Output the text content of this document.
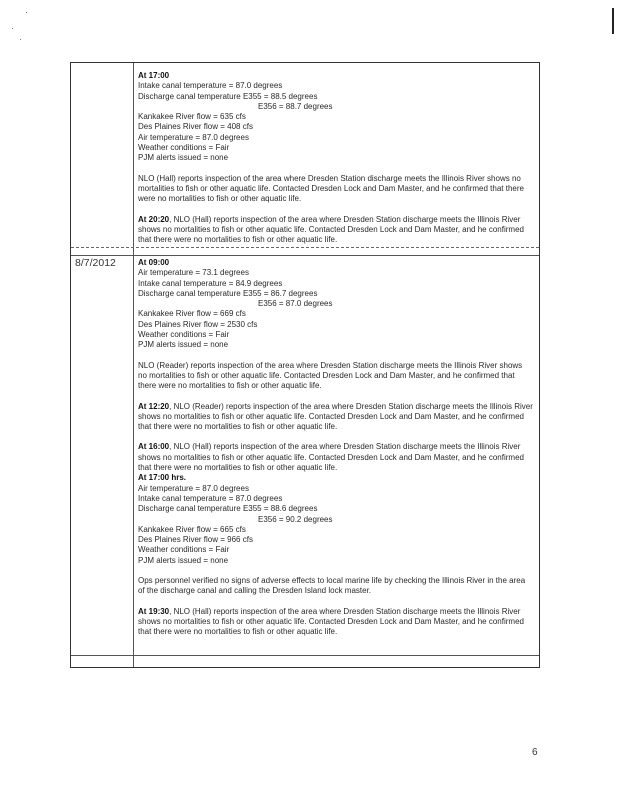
At 17:00
Intake canal temperature = 87.0 degrees
Discharge canal temperature E355 = 88.5 degrees
E356 = 88.7 degrees
Kankakee River flow = 635 cfs
Des Plaines River flow = 408 cfs
Air temperature = 87.0 degrees
Weather conditions = Fair
PJM alerts issued = none

NLO (Hall) reports inspection of the area where Dresden Station discharge meets the Illinois River shows no mortalities to fish or other aquatic life. Contacted Dresden Lock and Dam Master, and he confirmed that there were no mortalities to fish or other aquatic life.

At 20:20, NLO (Hall) reports inspection of the area where Dresden Station discharge meets the Illinois River shows no mortalities to fish or other aquatic life. Contacted Dresden Lock and Dam Master, and he confirmed that there were no mortalities to fish or other aquatic life.

8/7/2012	At 09:00
Air temperature = 73.1 degrees
Intake canal temperature = 84.9 degrees
Discharge canal temperature E355 = 86.7 degrees
E356 = 87.0 degrees
Kankakee River flow = 669 cfs
Des Plaines River flow = 2530 cfs
Weather conditions = Fair
PJM alerts issued = none

NLO (Reader) reports inspection of the area where Dresden Station discharge meets the Illinois River shows no mortalities to fish or other aquatic life. Contacted Dresden Lock and Dam Master, and he confirmed that there were no mortalities to fish or other aquatic life.

At 12:20, NLO (Reader) reports inspection of the area where Dresden Station discharge meets the Illinois River shows no mortalities to fish or other aquatic life. Contacted Dresden Lock and Dam Master, and he confirmed that there were no mortalities to fish or other aquatic life.

At 16:00, NLO (Hall) reports inspection of the area where Dresden Station discharge meets the Illinois River shows no mortalities to fish or other aquatic life. Contacted Dresden Lock and Dam Master, and he confirmed that there were no mortalities to fish or other aquatic life.

At 17:00 hrs.
Air temperature = 87.0 degrees
Intake canal temperature = 87.0 degrees
Discharge canal temperature E355 = 88.6 degrees
E356 = 90.2 degrees
Kankakee River flow = 665 cfs
Des Plaines River flow = 966 cfs
Weather conditions = Fair
PJM alerts issued = none

Ops personnel verified no signs of adverse effects to local marine life by checking the Illinois River in the area of the discharge canal and calling the Dresden Island lock master.

At 19:30, NLO (Hall) reports inspection of the area where Dresden Station discharge meets the Illinois River shows no mortalities to fish or other aquatic life. Contacted Dresden Lock and Dam Master, and he confirmed that there were no mortalities to fish or other aquatic life.

6
